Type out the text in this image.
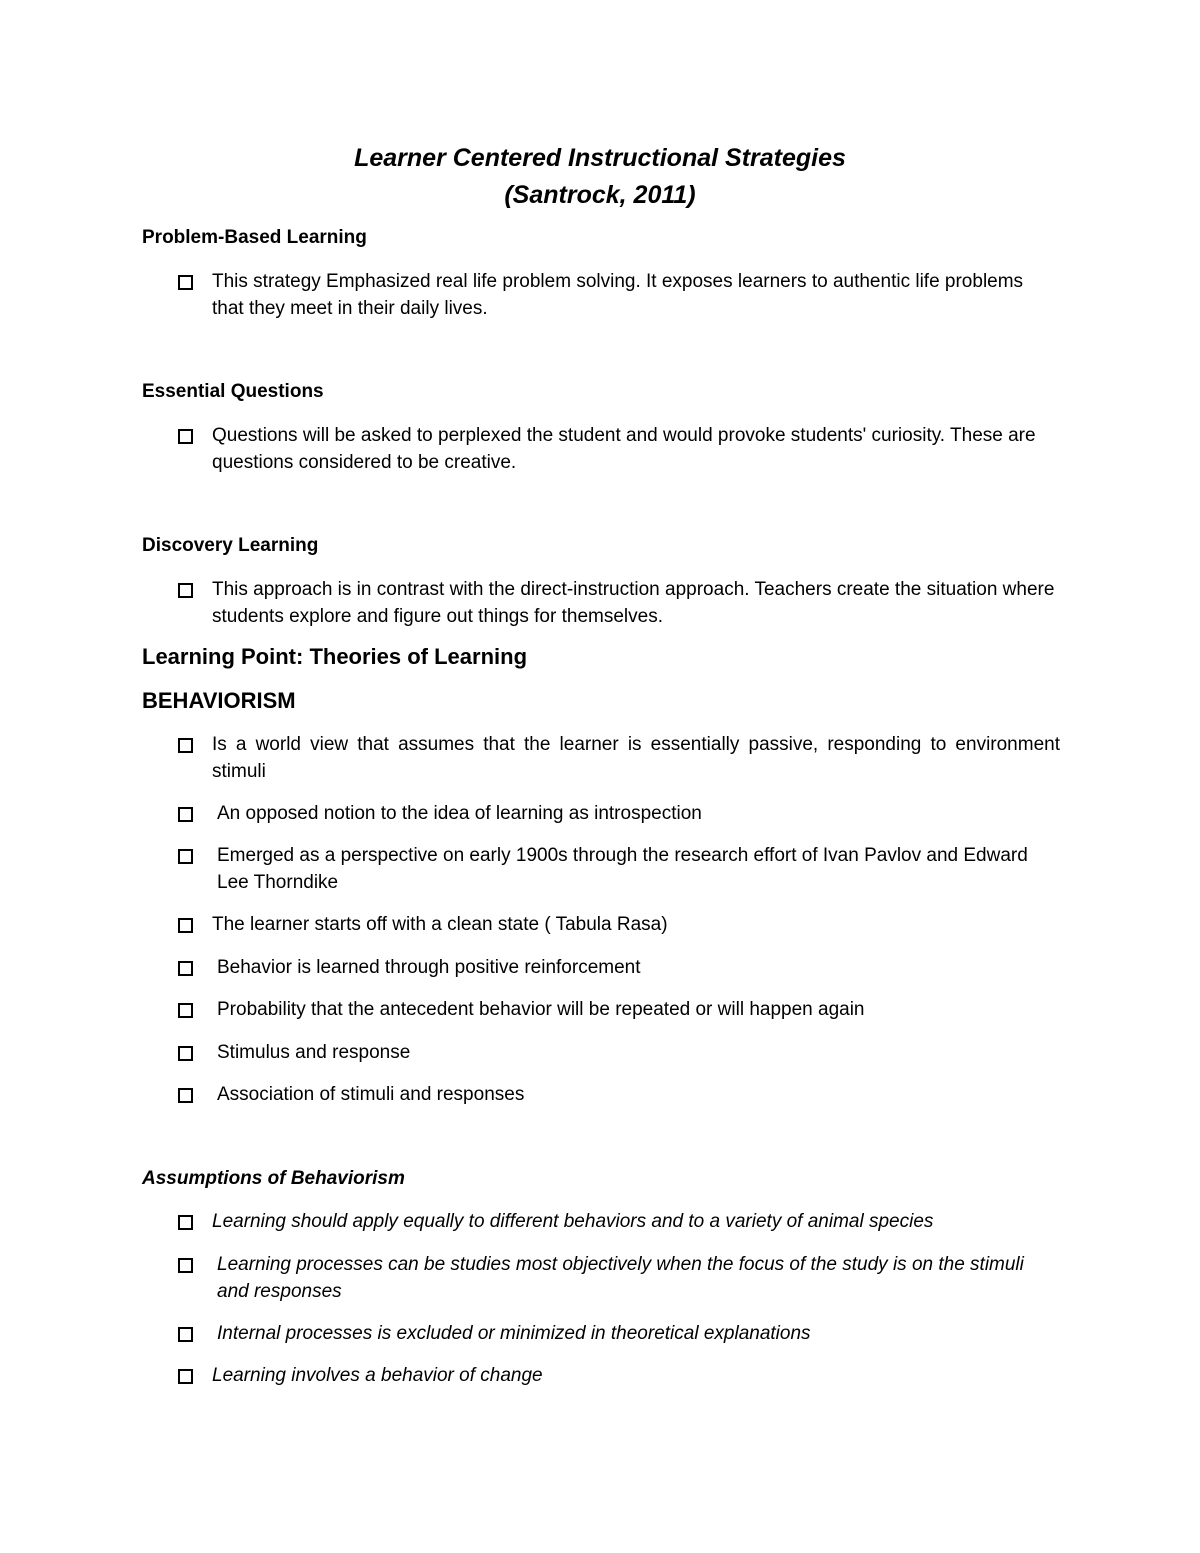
Learner Centered Instructional Strategies
(Santrock, 2011)
Problem-Based Learning
This strategy Emphasized real life problem solving. It exposes learners to authentic life problems that they meet in their daily lives.
Essential Questions
Questions will be asked to perplexed the student and would provoke students' curiosity. These are questions considered to be creative.
Discovery Learning
This approach is in contrast with the direct-instruction approach. Teachers create the situation where students explore and figure out things for themselves.
Learning Point: Theories of Learning
BEHAVIORISM
Is a world view that assumes that the learner is essentially passive, responding to environment stimuli
An opposed notion to the idea of learning as introspection
Emerged as a perspective on early 1900s through the research effort of Ivan Pavlov and Edward Lee Thorndike
The learner starts off with a clean state ( Tabula Rasa)
Behavior is learned through positive reinforcement
Probability that the antecedent behavior will be repeated or will happen again
Stimulus and response
Association of stimuli and responses
Assumptions of Behaviorism
Learning should apply equally to different behaviors and to a variety of animal species
Learning processes can be studies most objectively when the focus of the study is on the stimuli and responses
Internal processes is excluded or minimized in theoretical explanations
Learning involves a behavior of change
